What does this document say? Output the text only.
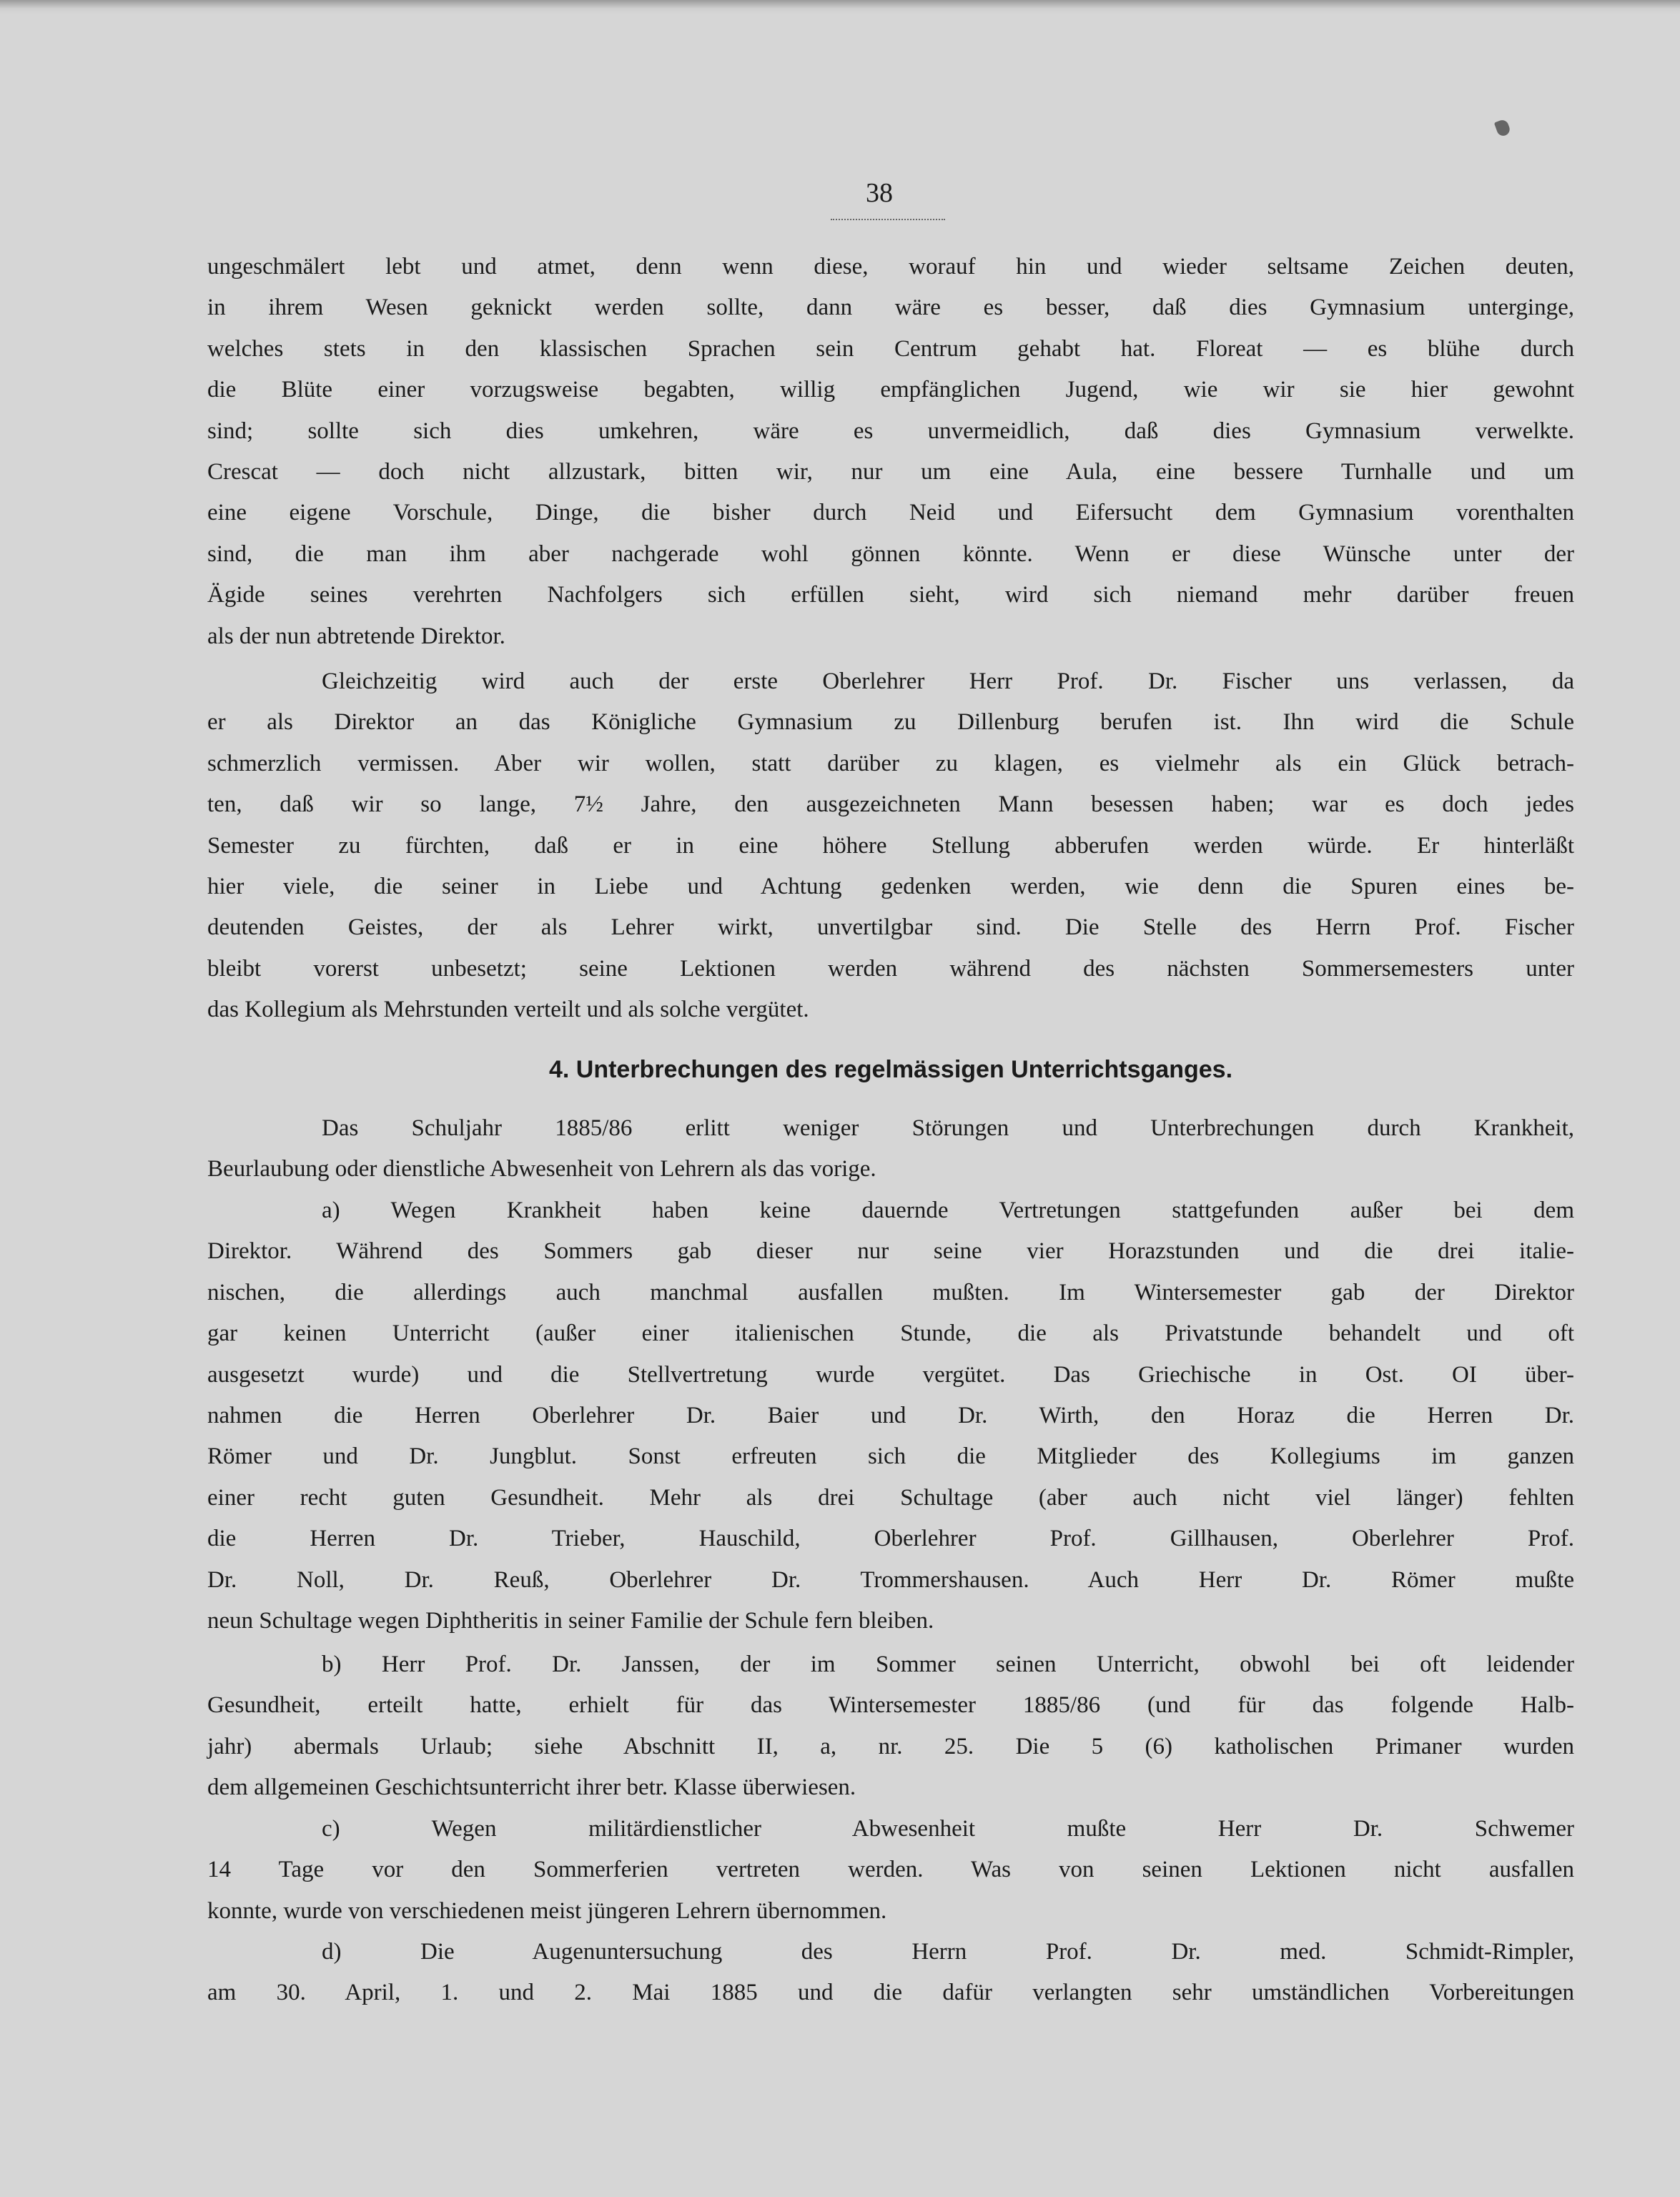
38
ungeschmälert lebt und atmet, denn wenn diese, worauf hin und wieder seltsame Zeichen deuten,
in ihrem Wesen geknickt werden sollte, dann wäre es besser, daß dies Gymnasium unterginge,
welches stets in den klassischen Sprachen sein Centrum gehabt hat. Floreat — es blühe durch
die Blüte einer vorzugsweise begabten, willig empfänglichen Jugend, wie wir sie hier gewohnt
sind; sollte sich dies umkehren, wäre es unvermeidlich, daß dies Gymnasium verwelkte.
Crescat — doch nicht allzustark, bitten wir, nur um eine Aula, eine bessere Turnhalle und um
eine eigene Vorschule, Dinge, die bisher durch Neid und Eifersucht dem Gymnasium vorenthalten
sind, die man ihm aber nachgerade wohl gönnen könnte. Wenn er diese Wünsche unter der
Ägide seines verehrten Nachfolgers sich erfüllen sieht, wird sich niemand mehr darüber freuen
als der nun abtretende Direktor.
Gleichzeitig wird auch der erste Oberlehrer Herr Prof. Dr. Fischer uns verlassen, da
er als Direktor an das Königliche Gymnasium zu Dillenburg berufen ist. Ihn wird die Schule
schmerzlich vermissen. Aber wir wollen, statt darüber zu klagen, es vielmehr als ein Glück betrach-
ten, daß wir so lange, 7½ Jahre, den ausgezeichneten Mann besessen haben; war es doch jedes
Semester zu fürchten, daß er in eine höhere Stellung abberufen werden würde. Er hinterläßt
hier viele, die seiner in Liebe und Achtung gedenken werden, wie denn die Spuren eines be-
deutenden Geistes, der als Lehrer wirkt, unvertilgbar sind. Die Stelle des Herrn Prof. Fischer
bleibt vorerst unbesetzt; seine Lektionen werden während des nächsten Sommersemesters unter
das Kollegium als Mehrstunden verteilt und als solche vergütet.
4. Unterbrechungen des regelmässigen Unterrichtsganges.
Das Schuljahr 1885/86 erlitt weniger Störungen und Unterbrechungen durch Krankheit,
Beurlaubung oder dienstliche Abwesenheit von Lehrern als das vorige.
a) Wegen Krankheit haben keine dauernde Vertretungen stattgefunden außer bei dem
Direktor. Während des Sommers gab dieser nur seine vier Horazstunden und die drei italie-
nischen, die allerdings auch manchmal ausfallen mußten. Im Wintersemester gab der Direktor
gar keinen Unterricht (außer einer italienischen Stunde, die als Privatstunde behandelt und oft
ausgesetzt wurde) und die Stellvertretung wurde vergütet. Das Griechische in Ost. OI über-
nahmen die Herren Oberlehrer Dr. Baier und Dr. Wirth, den Horaz die Herren Dr.
Römer und Dr. Jungblut. Sonst erfreuten sich die Mitglieder des Kollegiums im ganzen
einer recht guten Gesundheit. Mehr als drei Schultage (aber auch nicht viel länger) fehlten
die Herren Dr. Trieber, Hauschild, Oberlehrer Prof. Gillhausen, Oberlehrer Prof.
Dr. Noll, Dr. Reuß, Oberlehrer Dr. Trommershausen. Auch Herr Dr. Römer mußte
neun Schultage wegen Diphtheritis in seiner Familie der Schule fern bleiben.
b) Herr Prof. Dr. Janssen, der im Sommer seinen Unterricht, obwohl bei oft leidender
Gesundheit, erteilt hatte, erhielt für das Wintersemester 1885/86 (und für das folgende Halb-
jahr) abermals Urlaub; siehe Abschnitt II, a, nr. 25. Die 5 (6) katholischen Primaner wurden
dem allgemeinen Geschichtsunterricht ihrer betr. Klasse überwiesen.
c) Wegen militärdienstlicher Abwesenheit mußte Herr Dr. Schwemer
14 Tage vor den Sommerferien vertreten werden. Was von seinen Lektionen nicht ausfallen
konnte, wurde von verschiedenen meist jüngeren Lehrern übernommen.
d) Die Augenuntersuchung des Herrn Prof. Dr. med. Schmidt-Rimpler,
am 30. April, 1. und 2. Mai 1885 und die dafür verlangten sehr umständlichen Vorbereitungen
